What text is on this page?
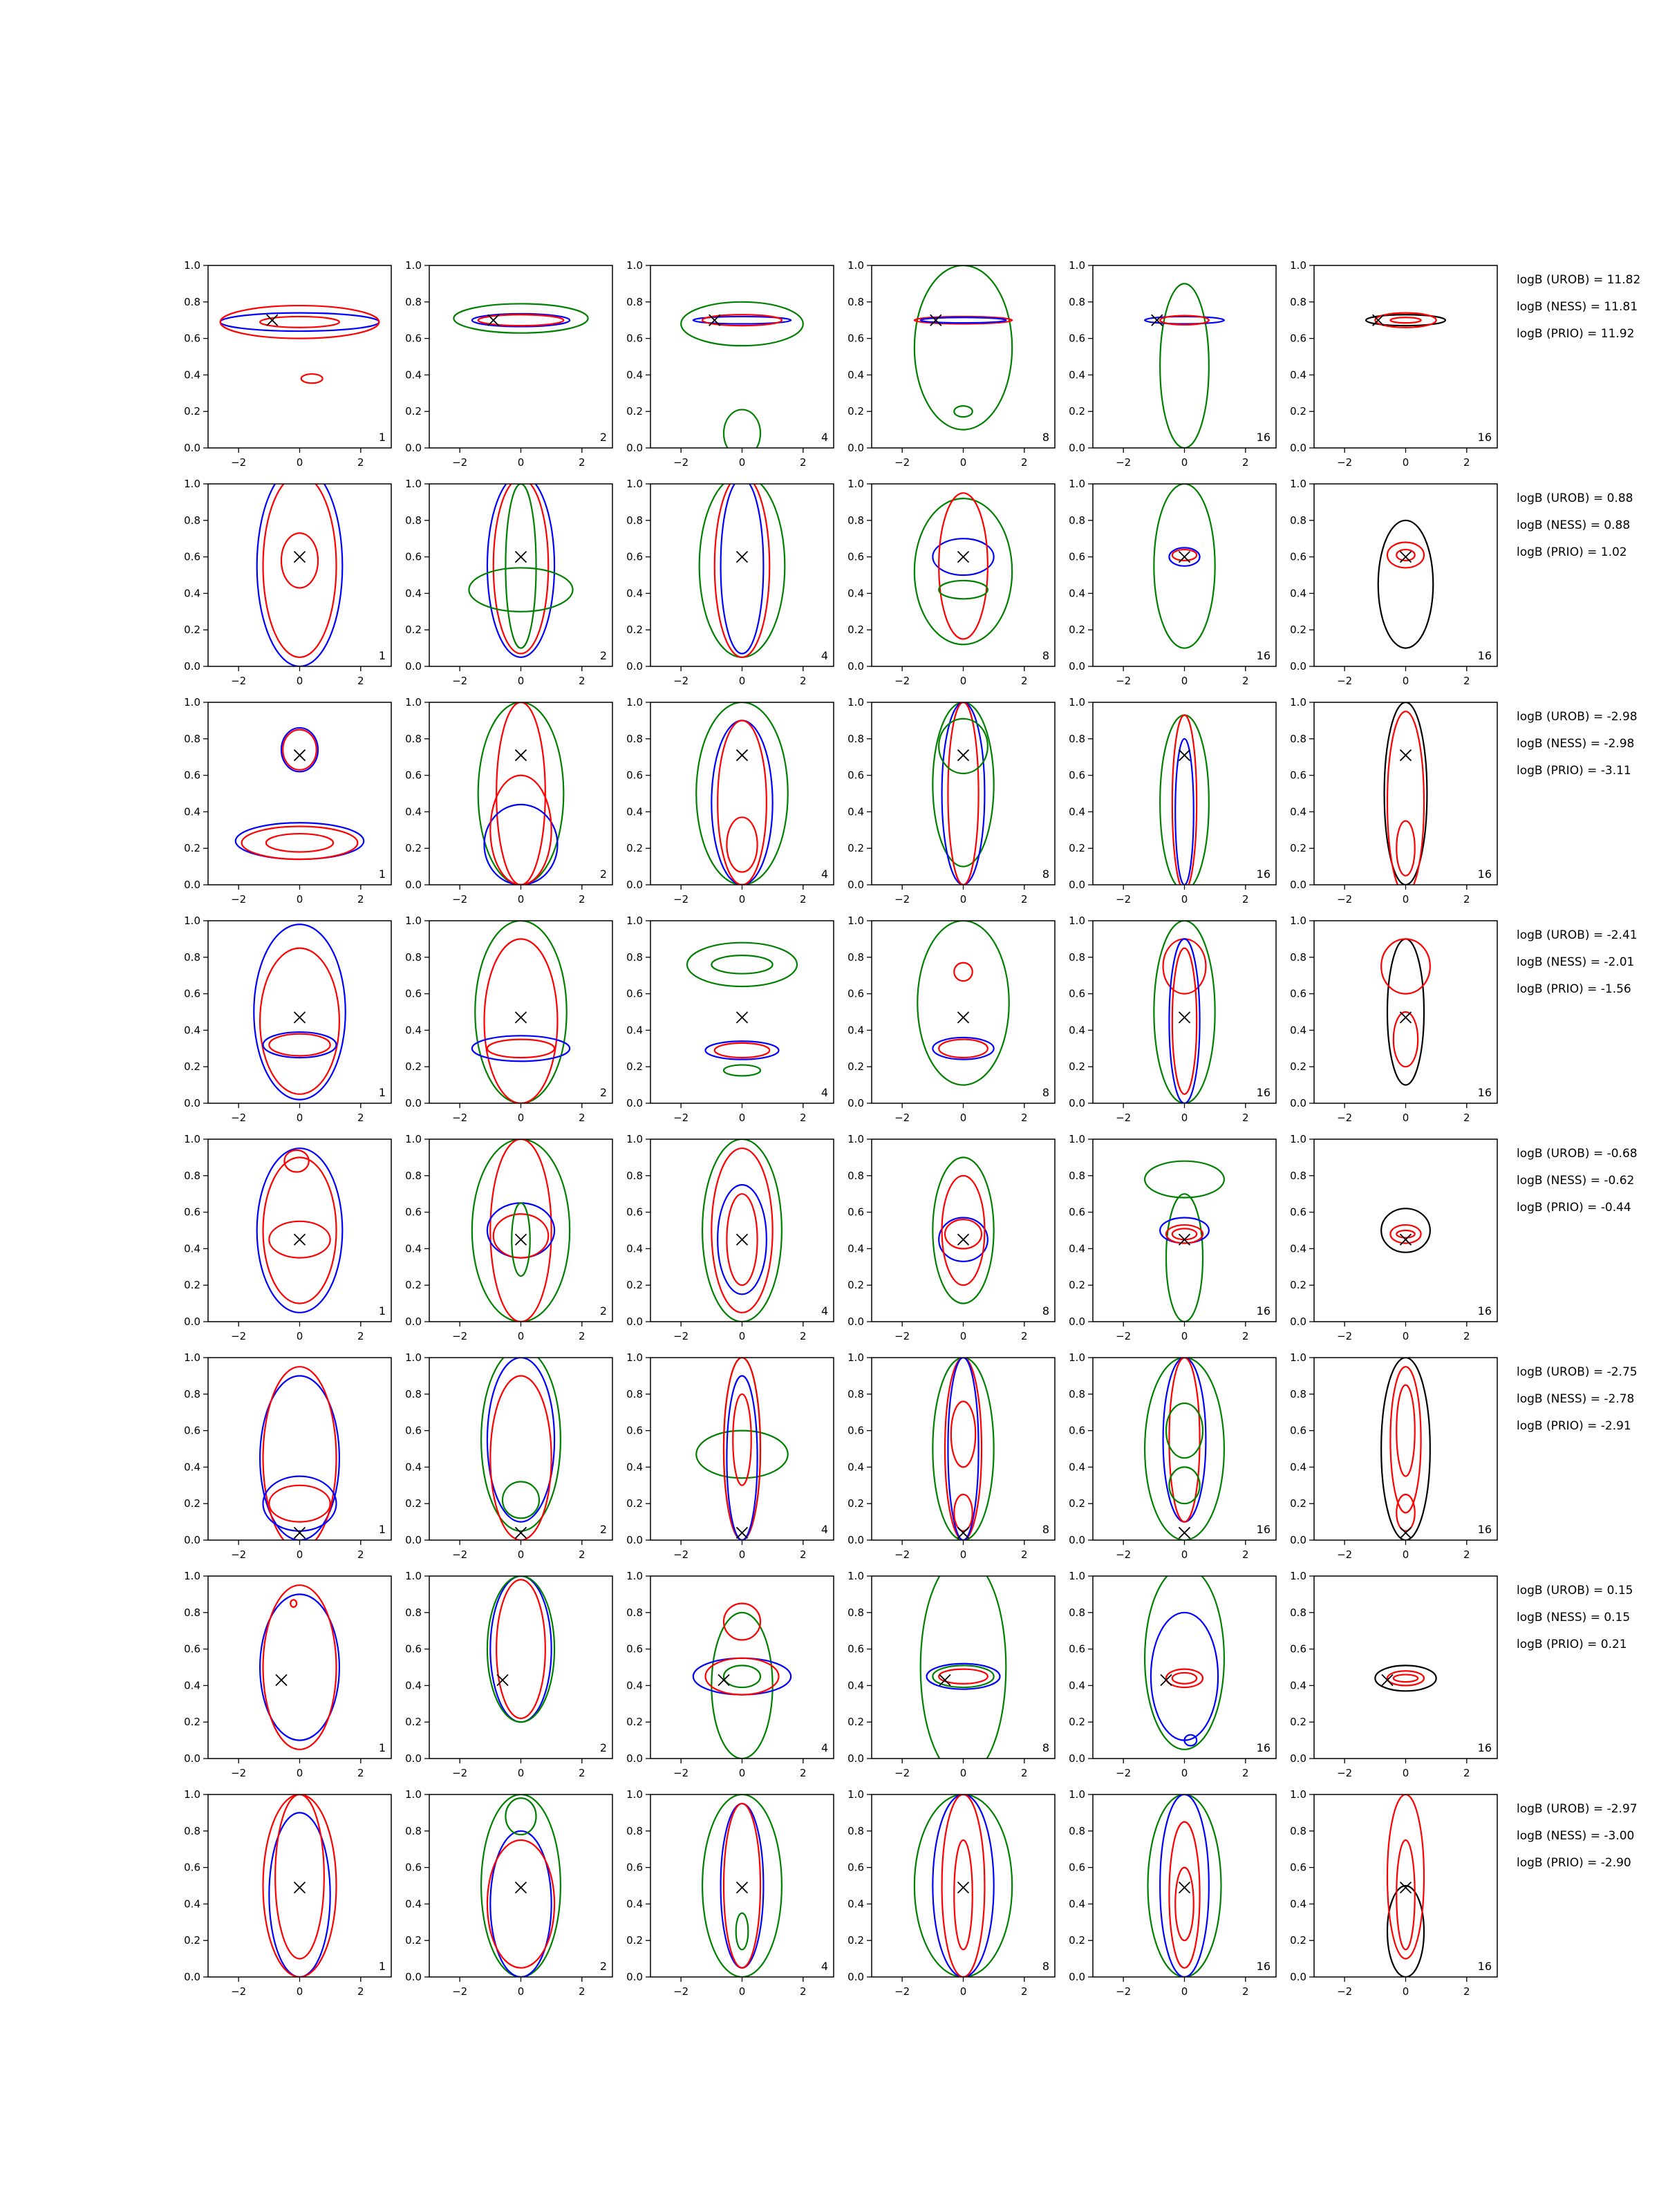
−2	0	2
0.0
0.2
0.4
0.6
0.8
1.0
1
−2	0	2
0.0
0.2
0.4
0.6
0.8
1.0
2
−2	0	2
0.0
0.2
0.4
0.6
0.8
1.0
4
−2	0	2
0.0
0.2
0.4
0.6
0.8
1.0
8
−2	0	2
0.0
0.2
0.4
0.6
0.8
1.0
16
−2	0	2
0.0
0.2
0.4
0.6
0.8
1.0
16
−2	0	2
0.0
0.2
0.4
0.6
0.8
1.0
1
−2	0	2
0.0
0.2
0.4
0.6
0.8
1.0
2
−2	0	2
0.0
0.2
0.4
0.6
0.8
1.0
4
−2	0	2
0.0
0.2
0.4
0.6
0.8
1.0
8
−2	0	2
0.0
0.2
0.4
0.6
0.8
1.0
16
−2	0	2
0.0
0.2
0.4
0.6
0.8
1.0
16
−2	0	2
0.0
0.2
0.4
0.6
0.8
1.0
1
−2	0	2
0.0
0.2
0.4
0.6
0.8
1.0
2
−2	0	2
0.0
0.2
0.4
0.6
0.8
1.0
4
−2	0	2
0.0
0.2
0.4
0.6
0.8
1.0
8
−2	0	2
0.0
0.2
0.4
0.6
0.8
1.0
16
−2	0	2
0.0
0.2
0.4
0.6
0.8
1.0
16
−2	0	2
0.0
0.2
0.4
0.6
0.8
1.0
1
−2	0	2
0.0
0.2
0.4
0.6
0.8
1.0
2
−2	0	2
0.0
0.2
0.4
0.6
0.8
1.0
4
−2	0	2
0.0
0.2
0.4
0.6
0.8
1.0
8
−2	0	2
0.0
0.2
0.4
0.6
0.8
1.0
16
−2	0	2
0.0
0.2
0.4
0.6
0.8
1.0
16
−2	0	2
0.0
0.2
0.4
0.6
0.8
1.0
1
−2	0	2
0.0
0.2
0.4
0.6
0.8
1.0
2
−2	0	2
0.0
0.2
0.4
0.6
0.8
1.0
4
−2	0	2
0.0
0.2
0.4
0.6
0.8
1.0
8
−2	0	2
0.0
0.2
0.4
0.6
0.8
1.0
16
−2	0	2
0.0
0.2
0.4
0.6
0.8
1.0
16
−2	0	2
0.0
0.2
0.4
0.6
0.8
1.0
1
−2	0	2
0.0
0.2
0.4
0.6
0.8
1.0
2
−2	0	2
0.0
0.2
0.4
0.6
0.8
1.0
4
−2	0	2
0.0
0.2
0.4
0.6
0.8
1.0
8
−2	0	2
0.0
0.2
0.4
0.6
0.8
1.0
16
−2	0	2
0.0
0.2
0.4
0.6
0.8
1.0
16
−2	0	2
0.0
0.2
0.4
0.6
0.8
1.0
1
−2	0	2
0.0
0.2
0.4
0.6
0.8
1.0
2
−2	0	2
0.0
0.2
0.4
0.6
0.8
1.0
4
−2	0	2
0.0
0.2
0.4
0.6
0.8
1.0
8
−2	0	2
0.0
0.2
0.4
0.6
0.8
1.0
16
−2	0	2
0.0
0.2
0.4
0.6
0.8
1.0
16
−2	0	2
0.0
0.2
0.4
0.6
0.8
1.0
1
−2	0	2
0.0
0.2
0.4
0.6
0.8
1.0
2
−2	0	2
0.0
0.2
0.4
0.6
0.8
1.0
4
−2	0	2
0.0
0.2
0.4
0.6
0.8
1.0
8
−2	0	2
0.0
0.2
0.4
0.6
0.8
1.0
16
−2	0	2
0.0
0.2
0.4
0.6
0.8
1.0
16
logB (UROB) = 11.82
logB (NESS) = 11.81
logB (PRIO) = 11.92
logB (UROB) = 0.88
logB (NESS) = 0.88
logB (PRIO) = 1.02
logB (UROB) = -2.98
logB (NESS) = -2.98
logB (PRIO) = -3.11
logB (UROB) = -2.41
logB (NESS) = -2.01
logB (PRIO) = -1.56
logB (UROB) = -0.68
logB (NESS) = -0.62
logB (PRIO) = -0.44
logB (UROB) = -2.75
logB (NESS) = -2.78
logB (PRIO) = -2.91
logB (UROB) = 0.15
logB (NESS) = 0.15
logB (PRIO) = 0.21
logB (UROB) = -2.97
logB (NESS) = -3.00
logB (PRIO) = -2.90
